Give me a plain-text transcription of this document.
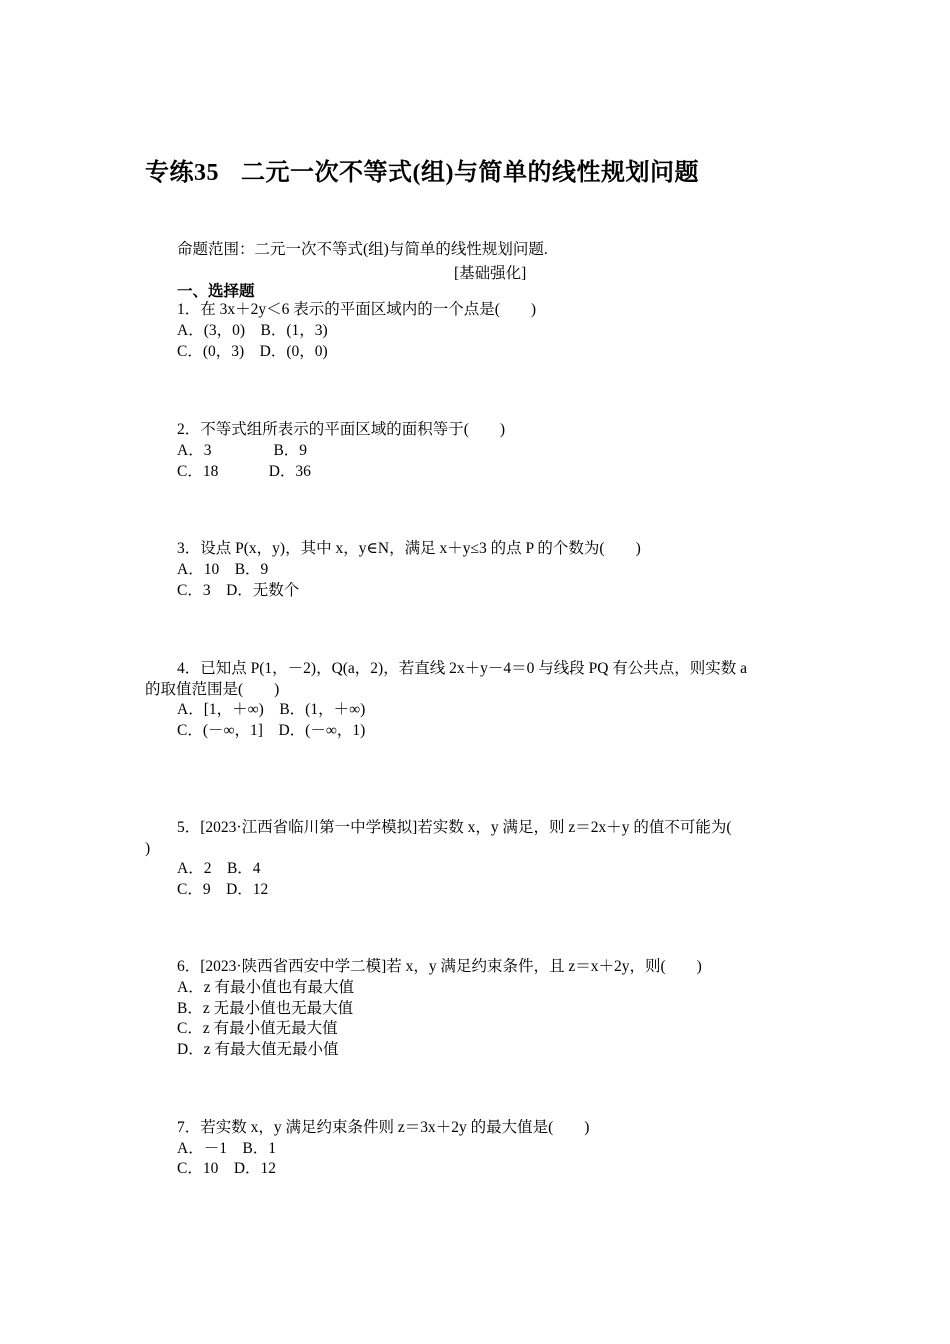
专练35 二元一次不等式(组)与简单的线性规划问题
命题范围：二元一次不等式(组)与简单的线性规划问题.
[基础强化]
一、选择题
1．在 3x＋2y＜6 表示的平面区域内的一个点是(　　)
A．(3，0)　B．(1，3)
C．(0，3)　D．(0，0)
2．不等式组所表示的平面区域的面积等于(　　)
A．3　　　　B．9
C．18　　　 D．36
3．设点 P(x，y)，其中 x，y∈N，满足 x＋y≤3 的点 P 的个数为(　　)
A．10　B．9
C．3　D．无数个
4．已知点 P(1，－2)，Q(a，2)，若直线 2x＋y－4＝0 与线段 PQ 有公共点，则实数 a
的取值范围是(　　)
A．[1，＋∞)　B．(1，＋∞)
C．(－∞，1]　D．(－∞，1)
5．[2023·江西省临川第一中学模拟]若实数 x，y 满足，则 z＝2x＋y 的值不可能为(
)
A．2　B．4
C．9　D．12
6．[2023·陕西省西安中学二模]若 x，y 满足约束条件，且 z＝x＋2y，则(　　)
A．z 有最小值也有最大值
B．z 无最小值也无最大值
C．z 有最小值无最大值
D．z 有最大值无最小值
7．若实数 x，y 满足约束条件则 z＝3x＋2y 的最大值是(　　)
A．－1　B．1
C．10　D．12
